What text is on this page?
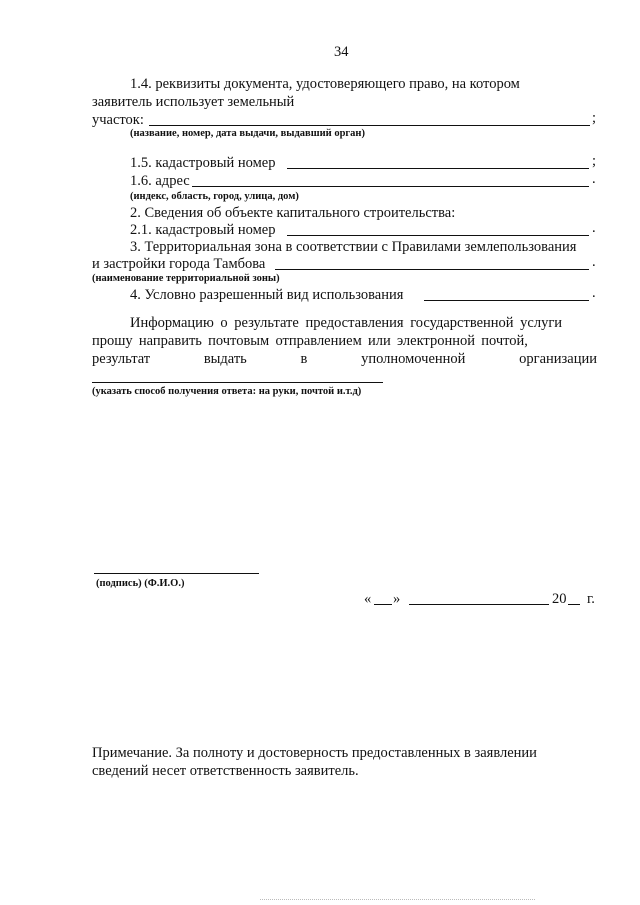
34
1.4. реквизиты документа, удостоверяющего право, на котором
заявитель использует земельный
участок:	;
(название, номер, дата выдачи, выдавший орган)
1.5. кадастровый номер	;
1.6. адрес	.
(индекс, область, город, улица, дом)
2. Сведения об объекте капитального строительства:
2.1. кадастровый номер	.
3. Территориальная зона в соответствии с Правилами землепользования
и застройки города Тамбова	.
(наименование территориальной зоны)
4. Условно разрешенный вид использования	.
Информацию о результате предоставления государственной услуги
прошу направить почтовым отправлением или электронной почтой,
результат	выдать	в	уполномоченной	организации
(указать способ получения ответа: на руки, почтой и.т.д)
(подпись) (Ф.И.О.)
« »	20 г.
Примечание. За полноту и достоверность предоставленных в заявлении
сведений несет ответственность заявитель.
